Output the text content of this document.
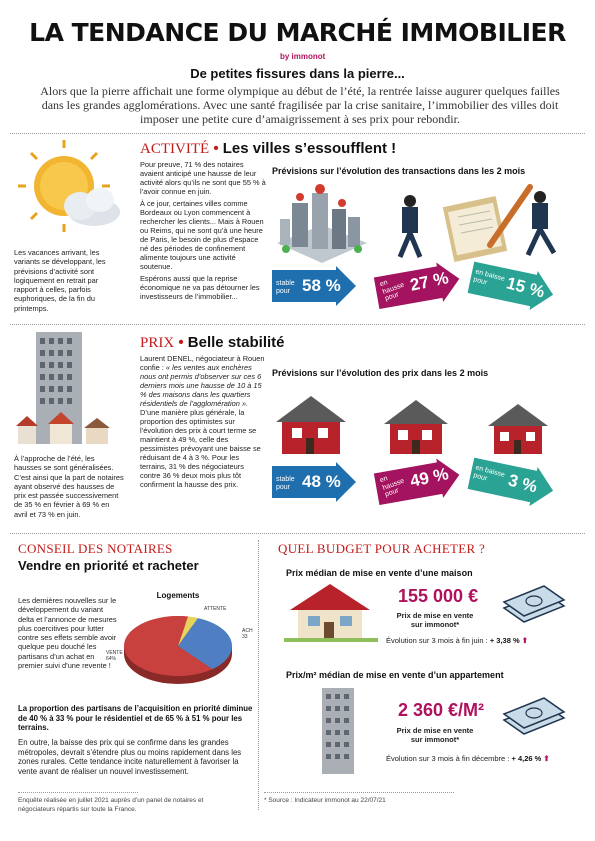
LA TENDANCE DU MARCHÉ IMMOBILIER
by immonot
De petites fissures dans la pierre...
Alors que la pierre affichait une forme olympique au début de l’été, la rentrée laisse augurer quelques failles dans les grandes agglomérations. Avec une santé fragilisée par la crise sanitaire, l’immobilier des villes doit imposer une petite cure d’amaigrissement à ses prix pour rebondir.
Les vacances arrivant, les variants se développant, les prévisions d’activité sont logiquement en retrait par rapport à celles, parfois euphoriques, de la fin du printemps.
ACTIVITÉ • Les villes s’essoufflent !

Pour preuve, 71 % des notaires avaient anticipé une hausse de leur activité alors qu’ils ne sont que 55 % à l’avoir connue en juin.

À ce jour, certaines villes comme Bordeaux ou Lyon commencent à rechercher les clients... Mais à Rouen ou Reims, qui ne sont qu’à une heure de Paris, le besoin de plus d’espace né des périodes de confinement alimente toujours une activité soutenue.

Espérons aussi que la reprise économique ne va pas détourner les investisseurs de l’immobilier...

Prévisions sur l’évolution des transactions dans les 2 mois
stable pour 58 %	en hausse pour
27 %	en baisse pour 15 %
À l’approche de l’été, les hausses se sont généralisées. C’est ainsi que la part de notaires ayant observé des hausses de prix est passée successivement de 35 % en février à 69 % en avril et 73 % en juin.
PRIX • Belle stabilité

Laurent DENEL, négociateur à Rouen confie : « les ventes aux enchères nous ont permis d’observer sur ces 6 derniers mois une hausse de 10 à 15 % des maisons dans les quartiers résidentiels de l’agglomération ». D’une manière plus générale, la proportion des optimistes sur l’évolution des prix à court terme se maintient à 49 %, celle des pessimistes prévoyant une baisse se réduisant de 4 à 3 %. Pour les terrains, 31 % des négociateurs contre 36 % deux mois plus tôt confirment la hausse des prix.

Prévisions sur l’évolution des prix dans les 2 mois
stable pour 48 %	en hausse pour
49 %	en baisse pour	3 %
CONSEIL DES NOTAIRES
Vendre en priorité et racheter
Les dernières nouvelles sur le développement du variant delta et l’annonce de mesures plus coercitives pour lutter contre ses effets semble avoir quelque peu douché les partisans d’un achat en premier suivi d’une revente !
Logements
VENTE 64%
ATTENTE
ACH 33
La proportion des partisans de l’acquisition en priorité diminue de 40 % à 33 % pour le résidentiel et de 65 % à 51 % pour les terrains.
En outre, la baisse des prix qui se confirme dans les grandes métropoles, devrait s’étendre plus ou moins rapidement dans les zones rurales. Cette tendance incite naturellement à favoriser la vente avant de réaliser un nouvel investissement.
Enquête réalisée en juillet 2021 auprès d’un panel de notaires et négociateurs répartis sur toute la France.
QUEL BUDGET POUR ACHETER ?
Prix médian de mise en vente d’une maison
155 000 €
Prix de mise en vente sur immonot*
Évolution sur 3 mois à fin juin : + 3,38 % ⬆
Prix/m² médian de mise en vente d’un appartement
2 360 €/M²
Prix de mise en vente sur immonot*
Évolution sur 3 mois à fin décembre : + 4,26 % ⬆
* Source : Indicateur immonot au 22/07/21
